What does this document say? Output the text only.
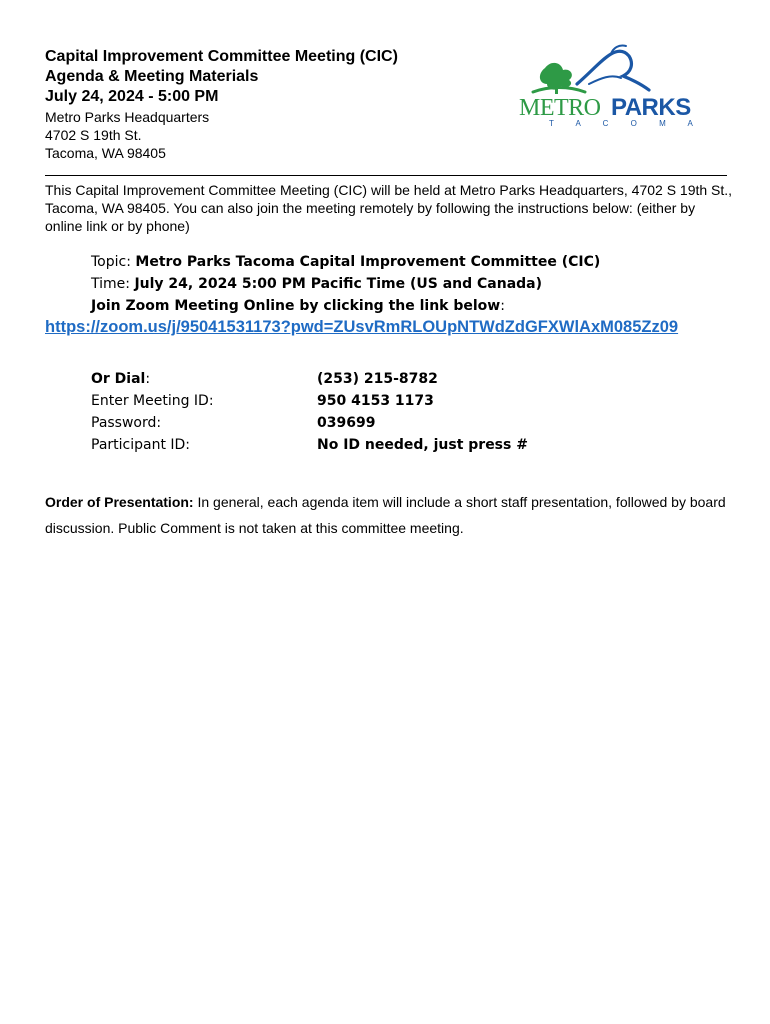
Capital Improvement Committee Meeting (CIC)

Agenda & Meeting Materials

July 24, 2024 - 5:00 PM

Metro Parks Headquarters

4702 S 19th St.

Tacoma, WA 98405

METRO PARKS
T A C O M A

This Capital Improvement Committee Meeting (CIC) will be held at Metro Parks Headquarters, 4702 S 19th St., Tacoma, WA 98405. You can also join the meeting remotely by following the instructions below: (either by online link or by phone)

Topic: Metro Parks Tacoma Capital Improvement Committee (CIC)

Time: July 24, 2024 5:00 PM Pacific Time (US and Canada)

Join Zoom Meeting Online by clicking the link below:

https://zoom.us/j/95041531173?pwd=ZUsvRmRLOUpNTWdZdGFXWlAxM085Zz09
Or Dial:	(253) 215-8782
Enter Meeting ID:	950 4153 1173
Password:	039699
Participant ID:	No ID needed, just press #

Order of Presentation: In general, each agenda item will include a short staff presentation, followed by board discussion. Public Comment is not taken at this committee meeting.
